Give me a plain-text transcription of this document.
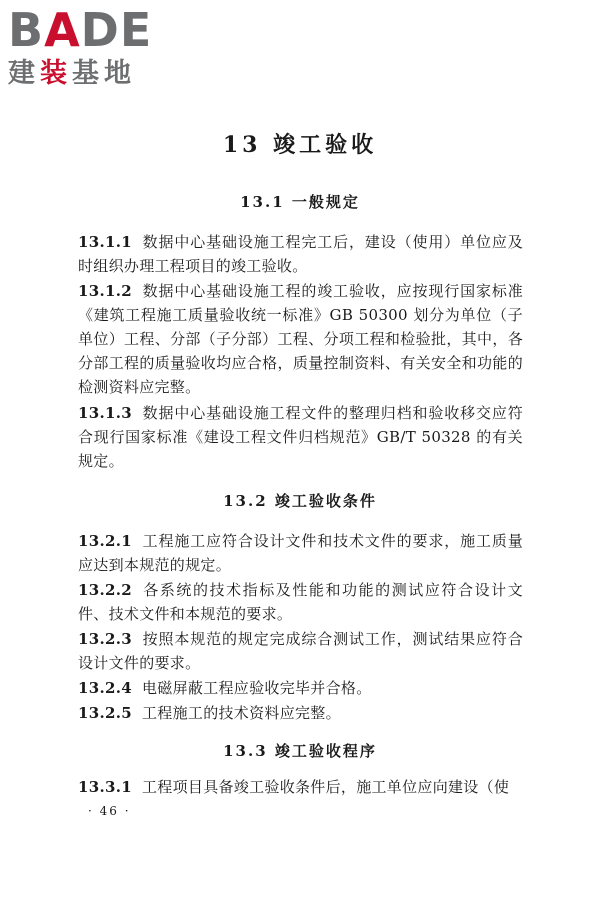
BADE
建装基地
13 竣工验收
13.1 一般规定
13.1.1 数据中心基础设施工程完工后，建设（使用）单位应及时组织办理工程项目的竣工验收。
13.1.2 数据中心基础设施工程的竣工验收，应按现行国家标准《建筑工程施工质量验收统一标准》GB 50300 划分为单位（子单位）工程、分部（子分部）工程、分项工程和检验批，其中，各分部工程的质量验收均应合格，质量控制资料、有关安全和功能的检测资料应完整。
13.1.3 数据中心基础设施工程文件的整理归档和验收移交应符合现行国家标准《建设工程文件归档规范》GB/T 50328 的有关规定。
13.2 竣工验收条件
13.2.1 工程施工应符合设计文件和技术文件的要求，施工质量应达到本规范的规定。
13.2.2 各系统的技术指标及性能和功能的测试应符合设计文件、技术文件和本规范的要求。
13.2.3 按照本规范的规定完成综合测试工作，测试结果应符合设计文件的要求。
13.2.4 电磁屏蔽工程应验收完毕并合格。
13.2.5 工程施工的技术资料应完整。
13.3 竣工验收程序
13.3.1 工程项目具备竣工验收条件后，施工单位应向建设（使
· 46 ·
